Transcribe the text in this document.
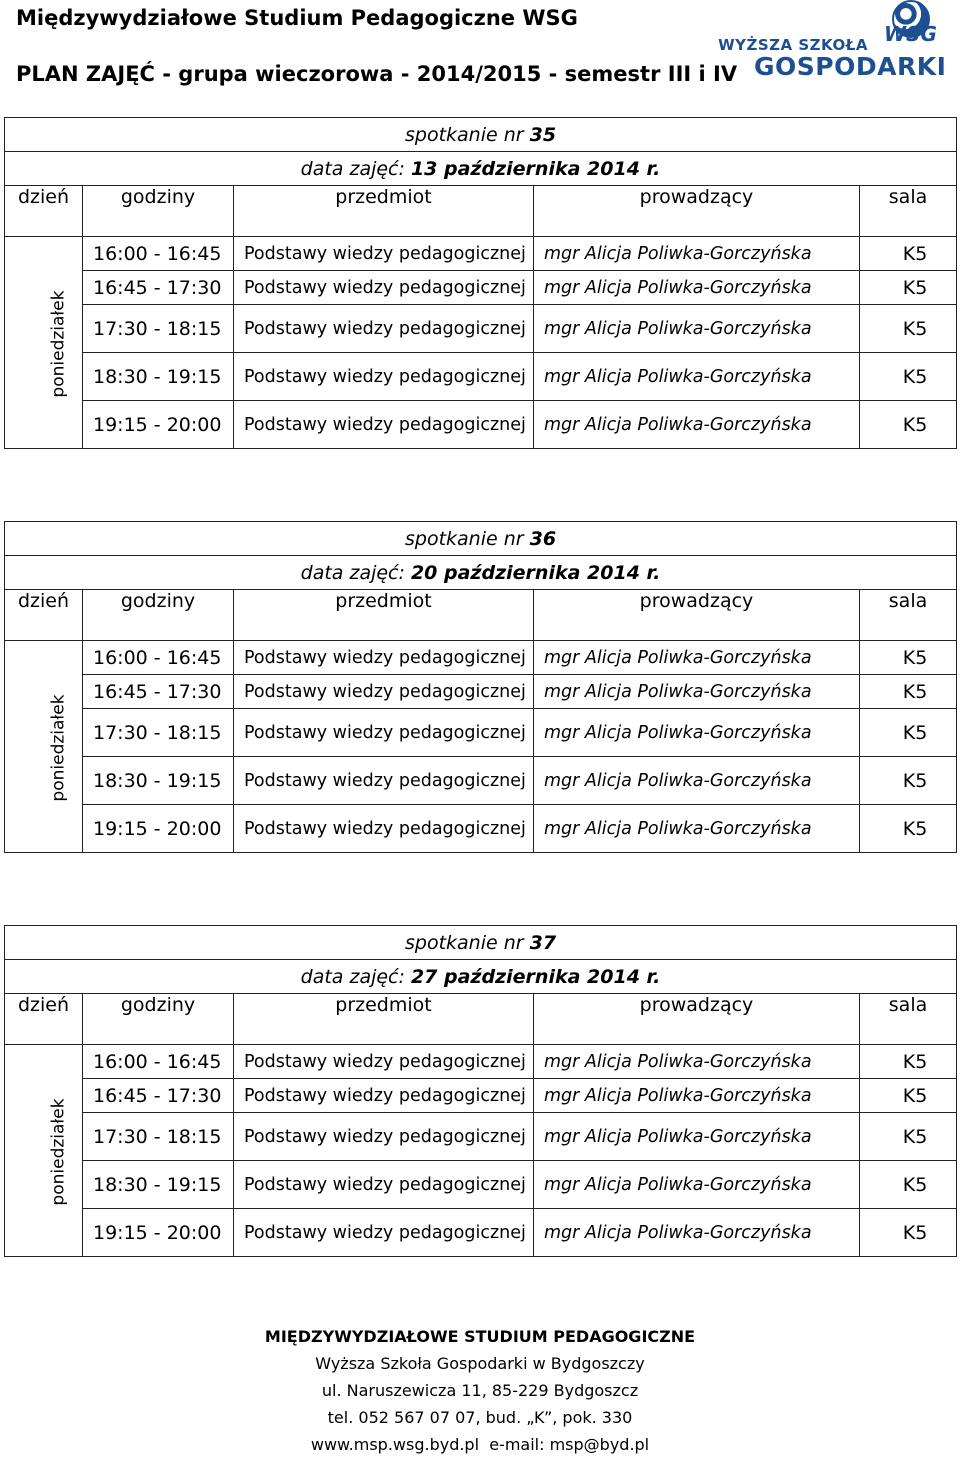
Międzywydziałowe Studium Pedagogiczne WSG
PLAN ZAJĘĆ - grupa wieczorowa - 2014/2015 - semestr III i IV
WSG
WYŻSZA SZKOŁA
GOSPODARKI
spotkanie nr 35				
data zajęć: 13 października 2014 r.				
dzień	godziny	przedmiot	prowadzący	sala
poniedziałek	16:00 - 16:45	Podstawy wiedzy pedagogicznej	mgr Alicja Poliwka-Gorczyńska	K5
	16:45 - 17:30	Podstawy wiedzy pedagogicznej	mgr Alicja Poliwka-Gorczyńska	K5
	17:30 - 18:15	Podstawy wiedzy pedagogicznej	mgr Alicja Poliwka-Gorczyńska	K5
	18:30 - 19:15	Podstawy wiedzy pedagogicznej	mgr Alicja Poliwka-Gorczyńska	K5
	19:15 - 20:00	Podstawy wiedzy pedagogicznej	mgr Alicja Poliwka-Gorczyńska	K5
spotkanie nr 36				
data zajęć: 20 października 2014 r.				
dzień	godziny	przedmiot	prowadzący	sala
poniedziałek	16:00 - 16:45	Podstawy wiedzy pedagogicznej	mgr Alicja Poliwka-Gorczyńska	K5
	16:45 - 17:30	Podstawy wiedzy pedagogicznej	mgr Alicja Poliwka-Gorczyńska	K5
	17:30 - 18:15	Podstawy wiedzy pedagogicznej	mgr Alicja Poliwka-Gorczyńska	K5
	18:30 - 19:15	Podstawy wiedzy pedagogicznej	mgr Alicja Poliwka-Gorczyńska	K5
	19:15 - 20:00	Podstawy wiedzy pedagogicznej	mgr Alicja Poliwka-Gorczyńska	K5
spotkanie nr 37				
data zajęć: 27 października 2014 r.				
dzień	godziny	przedmiot	prowadzący	sala
poniedziałek	16:00 - 16:45	Podstawy wiedzy pedagogicznej	mgr Alicja Poliwka-Gorczyńska	K5
	16:45 - 17:30	Podstawy wiedzy pedagogicznej	mgr Alicja Poliwka-Gorczyńska	K5
	17:30 - 18:15	Podstawy wiedzy pedagogicznej	mgr Alicja Poliwka-Gorczyńska	K5
	18:30 - 19:15	Podstawy wiedzy pedagogicznej	mgr Alicja Poliwka-Gorczyńska	K5
	19:15 - 20:00	Podstawy wiedzy pedagogicznej	mgr Alicja Poliwka-Gorczyńska	K5
MIĘDZYWYDZIAŁOWE STUDIUM PEDAGOGICZNE
Wyższa Szkoła Gospodarki w Bydgoszczy
ul. Naruszewicza 11, 85-229 Bydgoszcz
tel. 052 567 07 07, bud. „K”, pok. 330
www.msp.wsg.byd.pl e-mail: msp@byd.pl
